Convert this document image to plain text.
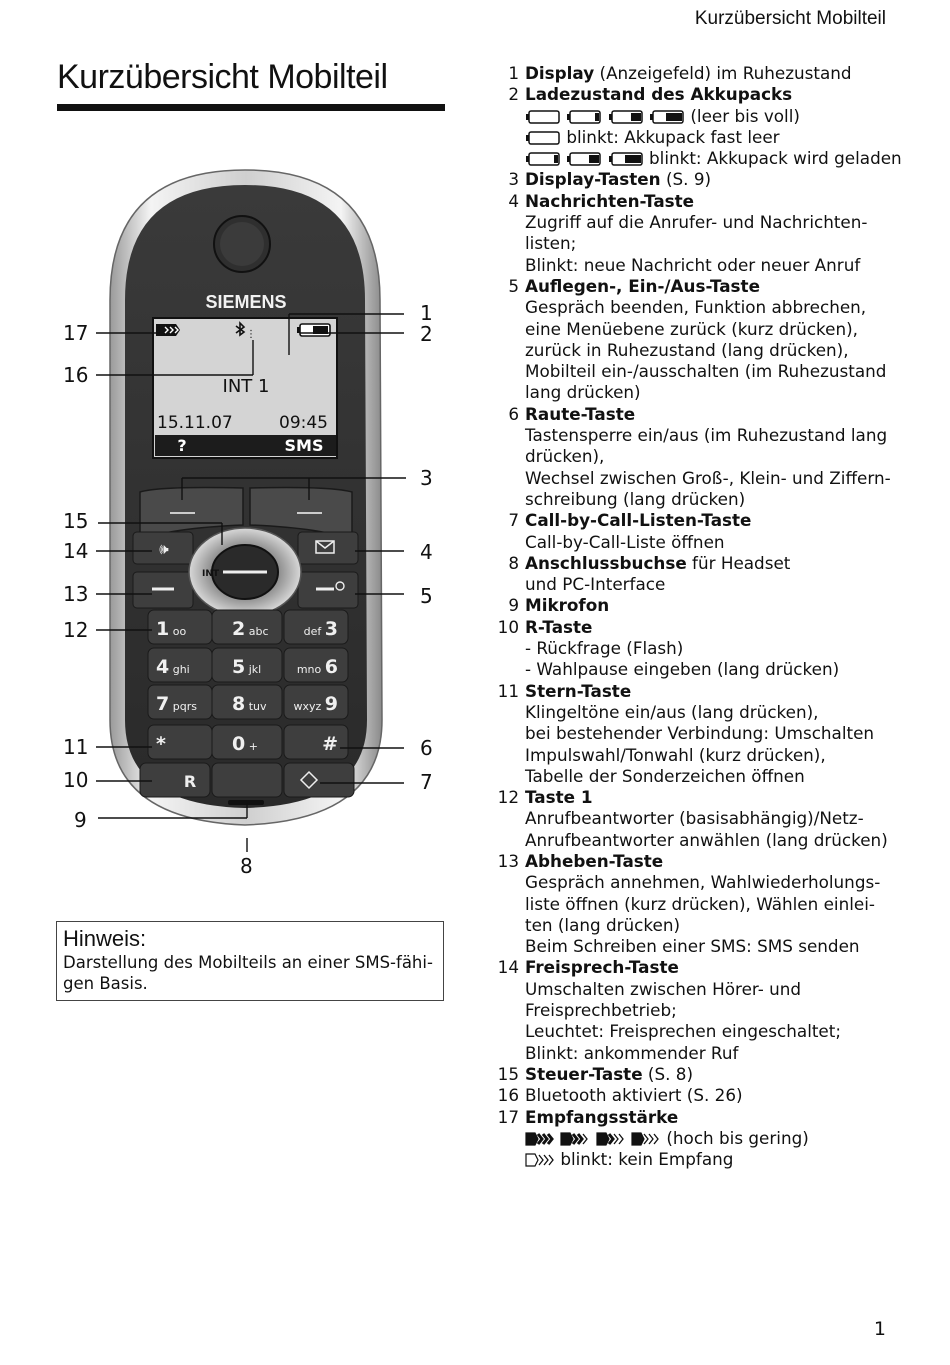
Kurzübersicht Mobilteil
Kurzübersicht Mobilteil
SIEMENS
⋮
INT 1
15.11.07	09:45
?	SMS
🕪
INT
1 oo 2 abc	def 3
4 ghi 5 jkl	mno 6
7 pqrs 8 tuv wxyz 9
*	0 +	#
R
17
16
15
14
13
12
11
10
9
1
2
3
4
5
6
7
8
Hinweis:
Darstellung des Mobilteils an einer SMS-fähi-
gen Basis.
1 Display (Anzeigefeld) im Ruhezustand
2 Ladezustand des Akkupacks
(leer bis voll)
blinkt: Akkupack fast leer
blinkt: Akkupack wird geladen
3 Display-Tasten (S. 9)
4 Nachrichten-Taste
Zugriff auf die Anrufer- und Nachrichten-
listen;
Blinkt: neue Nachricht oder neuer Anruf
5 Auflegen-, Ein-/Aus-Taste
Gespräch beenden, Funktion abbrechen,
eine Menüebene zurück (kurz drücken),
zurück in Ruhezustand (lang drücken),
Mobilteil ein-/ausschalten (im Ruhezustand
lang drücken)
6 Raute-Taste
Tastensperre ein/aus (im Ruhezustand lang
drücken),
Wechsel zwischen Groß-, Klein- und Ziffern-
schreibung (lang drücken)
7 Call-by-Call-Listen-Taste
Call-by-Call-Liste öffnen
8 Anschlussbuchse für Headset
und PC-Interface
9 Mikrofon
10 R-Taste
- Rückfrage (Flash)
- Wahlpause eingeben (lang drücken)
11 Stern-Taste
Klingeltöne ein/aus (lang drücken),
bei bestehender Verbindung: Umschalten
Impulswahl/Tonwahl (kurz drücken),
Tabelle der Sonderzeichen öffnen
12 Taste 1
Anrufbeantworter (basisabhängig)/Netz-
Anrufbeantworter anwählen (lang drücken)
13 Abheben-Taste
Gespräch annehmen, Wahlwiederholungs-
liste öffnen (kurz drücken), Wählen einlei-
ten (lang drücken)
Beim Schreiben einer SMS: SMS senden
14 Freisprech-Taste
Umschalten zwischen Hörer- und
Freisprechbetrieb;
Leuchtet: Freisprechen eingeschaltet;
Blinkt: ankommender Ruf
15 Steuer-Taste (S. 8)
16 Bluetooth aktiviert (S. 26)
17 Empfangsstärke
(hoch bis gering)
blinkt: kein Empfang
1
